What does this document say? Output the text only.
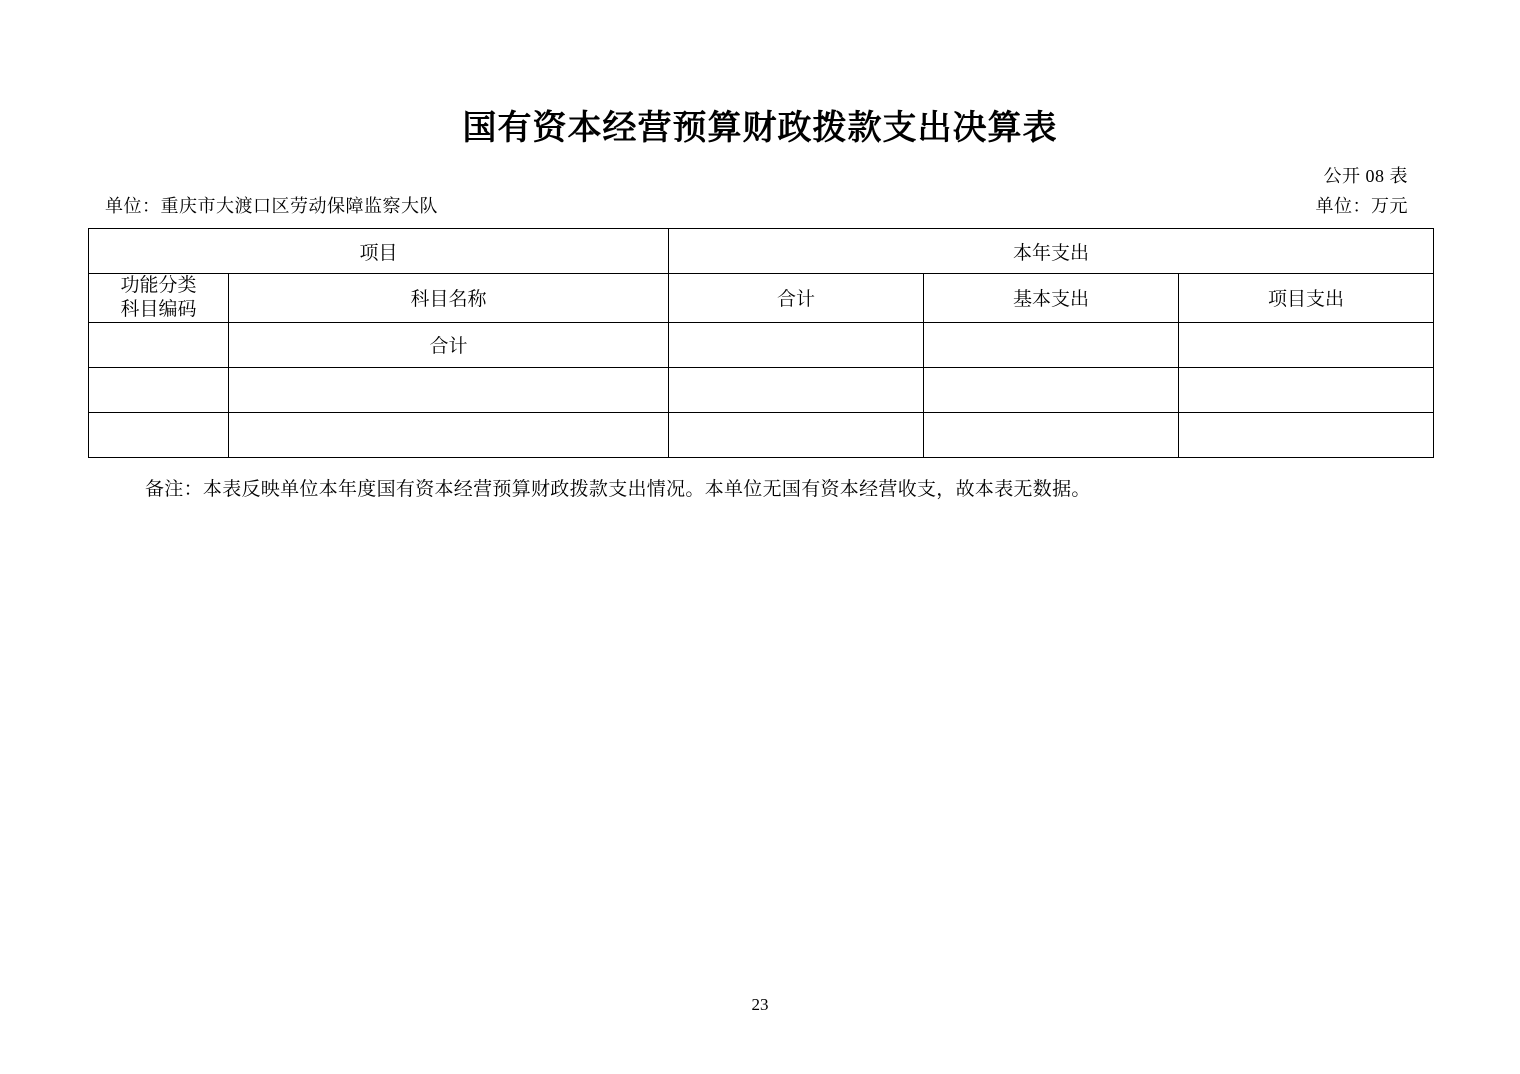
国有资本经营预算财政拨款支出决算表
公开 08 表
单位：重庆市大渡口区劳动保障监察大队	单位：万元
项目		本年支出		

功能分类
科目编码	科目名称	合计	基本支出	项目支出
	合计			

备注：本表反映单位本年度国有资本经营预算财政拨款支出情况。本单位无国有资本经营收支，故本表无数据。
23
